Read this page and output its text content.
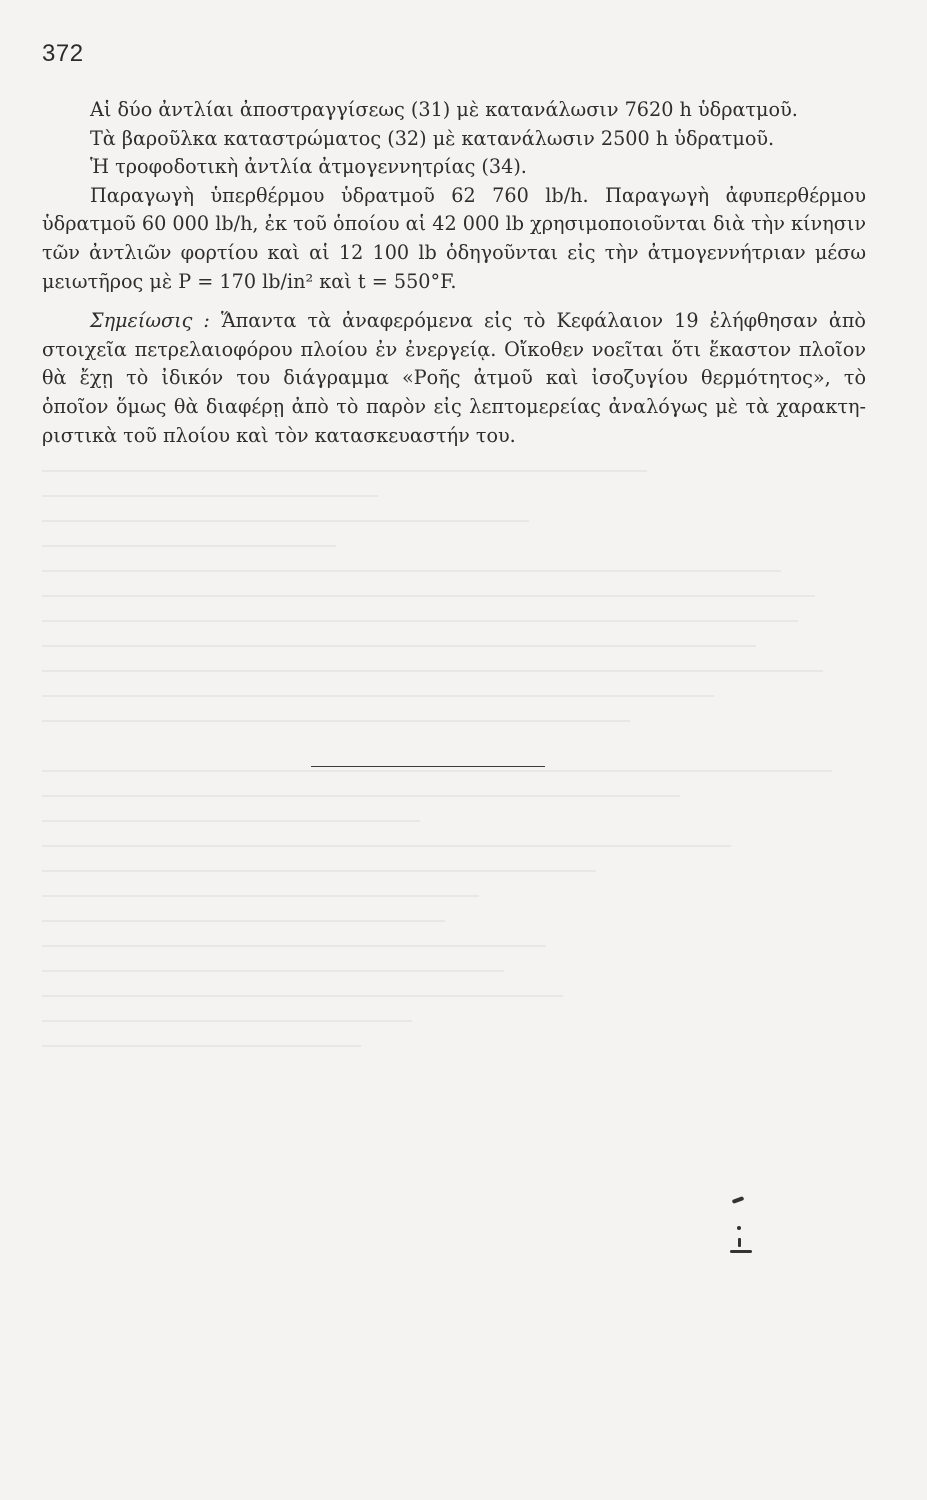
372
Αἱ δύο ἀντλίαι ἀποστραγγίσεως (31) μὲ κατανάλωσιν 7620 h ὑδρατμοῦ.
Τὰ βαροῦλκα καταστρώματος (32) μὲ κατανάλωσιν 2500 h ὑδρατμοῦ.
Ἡ τροφοδοτικὴ ἀντλία ἀτμογεννητρίας (34).
Παραγωγὴ ὑπερθέρμου ὑδρατμοῦ 62 760 lb/h. Παραγωγὴ ἀφυπερθέρμου
ὑδρατμοῦ 60 000 lb/h, ἐκ τοῦ ὁποίου αἱ 42 000 lb χρησιμοποιοῦνται διὰ τὴν κίνησιν
τῶν ἀντλιῶν φορτίου καὶ αἱ 12 100 lb ὁδηγοῦνται εἰς τὴν ἀτμογεννήτριαν μέσω
μειωτῆρος μὲ P = 170 lb/in² καὶ t = 550°F.
Σημείωσις : Ἅπαντα τὰ ἀναφερόμενα εἰς τὸ Κεφάλαιον 19 ἐλήφθησαν ἀπὸ
στοιχεῖα πετρελαιοφόρου πλοίου ἐν ἐνεργείᾳ. Οἴκοθεν νοεῖται ὅτι ἕκαστον πλοῖον
θὰ ἔχῃ τὸ ἰδικόν του διάγραμμα «Ροῆς ἀτμοῦ καὶ ἰσοζυγίου θερμότητος», τὸ
ὁποῖον ὅμως θὰ διαφέρῃ ἀπὸ τὸ παρὸν εἰς λεπτομερείας ἀναλόγως μὲ τὰ χαρακτη-
ριστικὰ τοῦ πλοίου καὶ τὸν κατασκευαστήν του.
